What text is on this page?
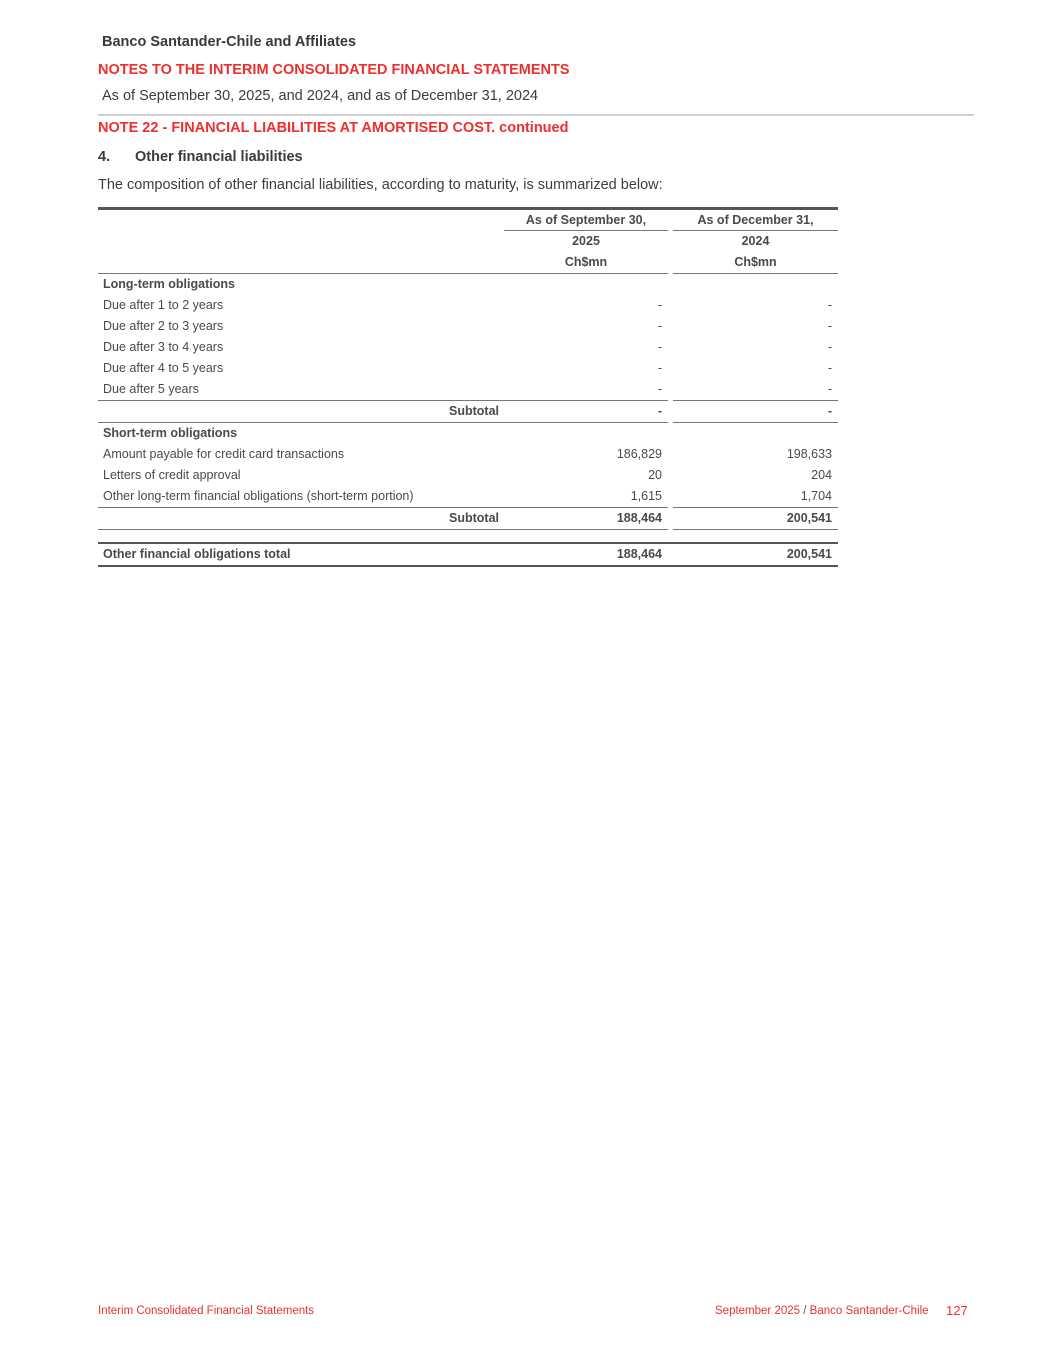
Banco Santander-Chile and Affiliates
NOTES TO THE INTERIM CONSOLIDATED FINANCIAL STATEMENTS
As of September 30, 2025, and 2024, and as of December 31, 2024
NOTE 22 - FINANCIAL LIABILITIES AT AMORTISED COST. continued
4. Other financial liabilities
The composition of other financial liabilities, according to maturity, is summarized below:
As of September 30,	As of December 31,
2025	2024
Ch$mn	Ch$mn
Long-term obligations
Due after 1 to 2 years	-	-
Due after 2 to 3 years	-	-
Due after 3 to 4 years	-	-
Due after 4 to 5 years	-	-
Due after 5 years	-	-
Subtotal	-	-
Short-term obligations
Amount payable for credit card transactions	186,829	198,633
Letters of credit approval	20	204
Other long-term financial obligations (short-term portion)	1,615	1,704
Subtotal	188,464	200,541
Other financial obligations total	188,464	200,541
Interim Consolidated Financial Statements	September 2025 / Banco Santander-Chile 127
